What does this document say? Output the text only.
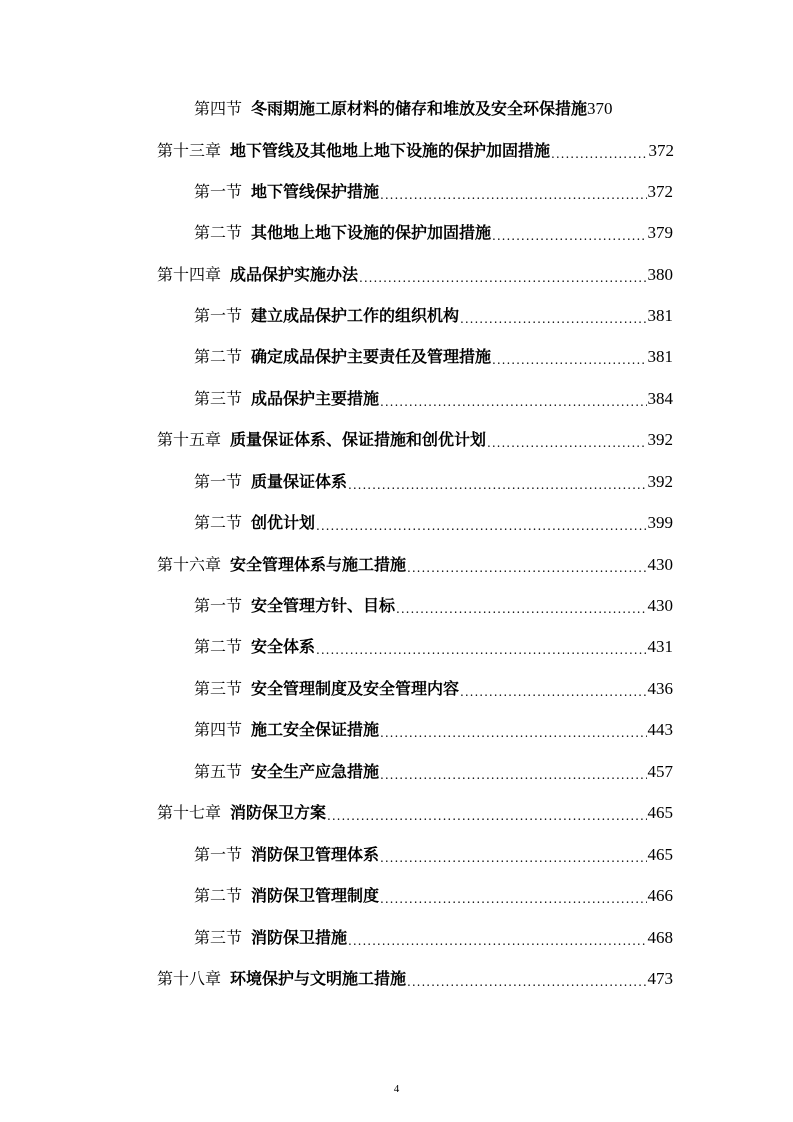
第四节 冬雨期施工原材料的储存和堆放及安全环保措施 370
第十三章 地下管线及其他地上地下设施的保护加固措施 .....	372
第一节 地下管线保护措施 .....	372
第二节 其他地上地下设施的保护加固措施 .....	379
第十四章 成品保护实施办法 .....	380
第一节 建立成品保护工作的组织机构 .....	381
第二节 确定成品保护主要责任及管理措施 .....	381
第三节 成品保护主要措施 .....	384
第十五章 质量保证体系、保证措施和创优计划 .....	392
第一节 质量保证体系 .....	392
第二节 创优计划 .....	399
第十六章 安全管理体系与施工措施 .....	430
第一节 安全管理方针、目标 .....	430
第二节 安全体系 .....	431
第三节 安全管理制度及安全管理内容 .....	436
第四节 施工安全保证措施 .....	443
第五节 安全生产应急措施 .....	457
第十七章 消防保卫方案 .....	465
第一节 消防保卫管理体系 .....	465
第二节 消防保卫管理制度 .....	466
第三节 消防保卫措施 .....	468
第十八章 环境保护与文明施工措施 .....	473
4
